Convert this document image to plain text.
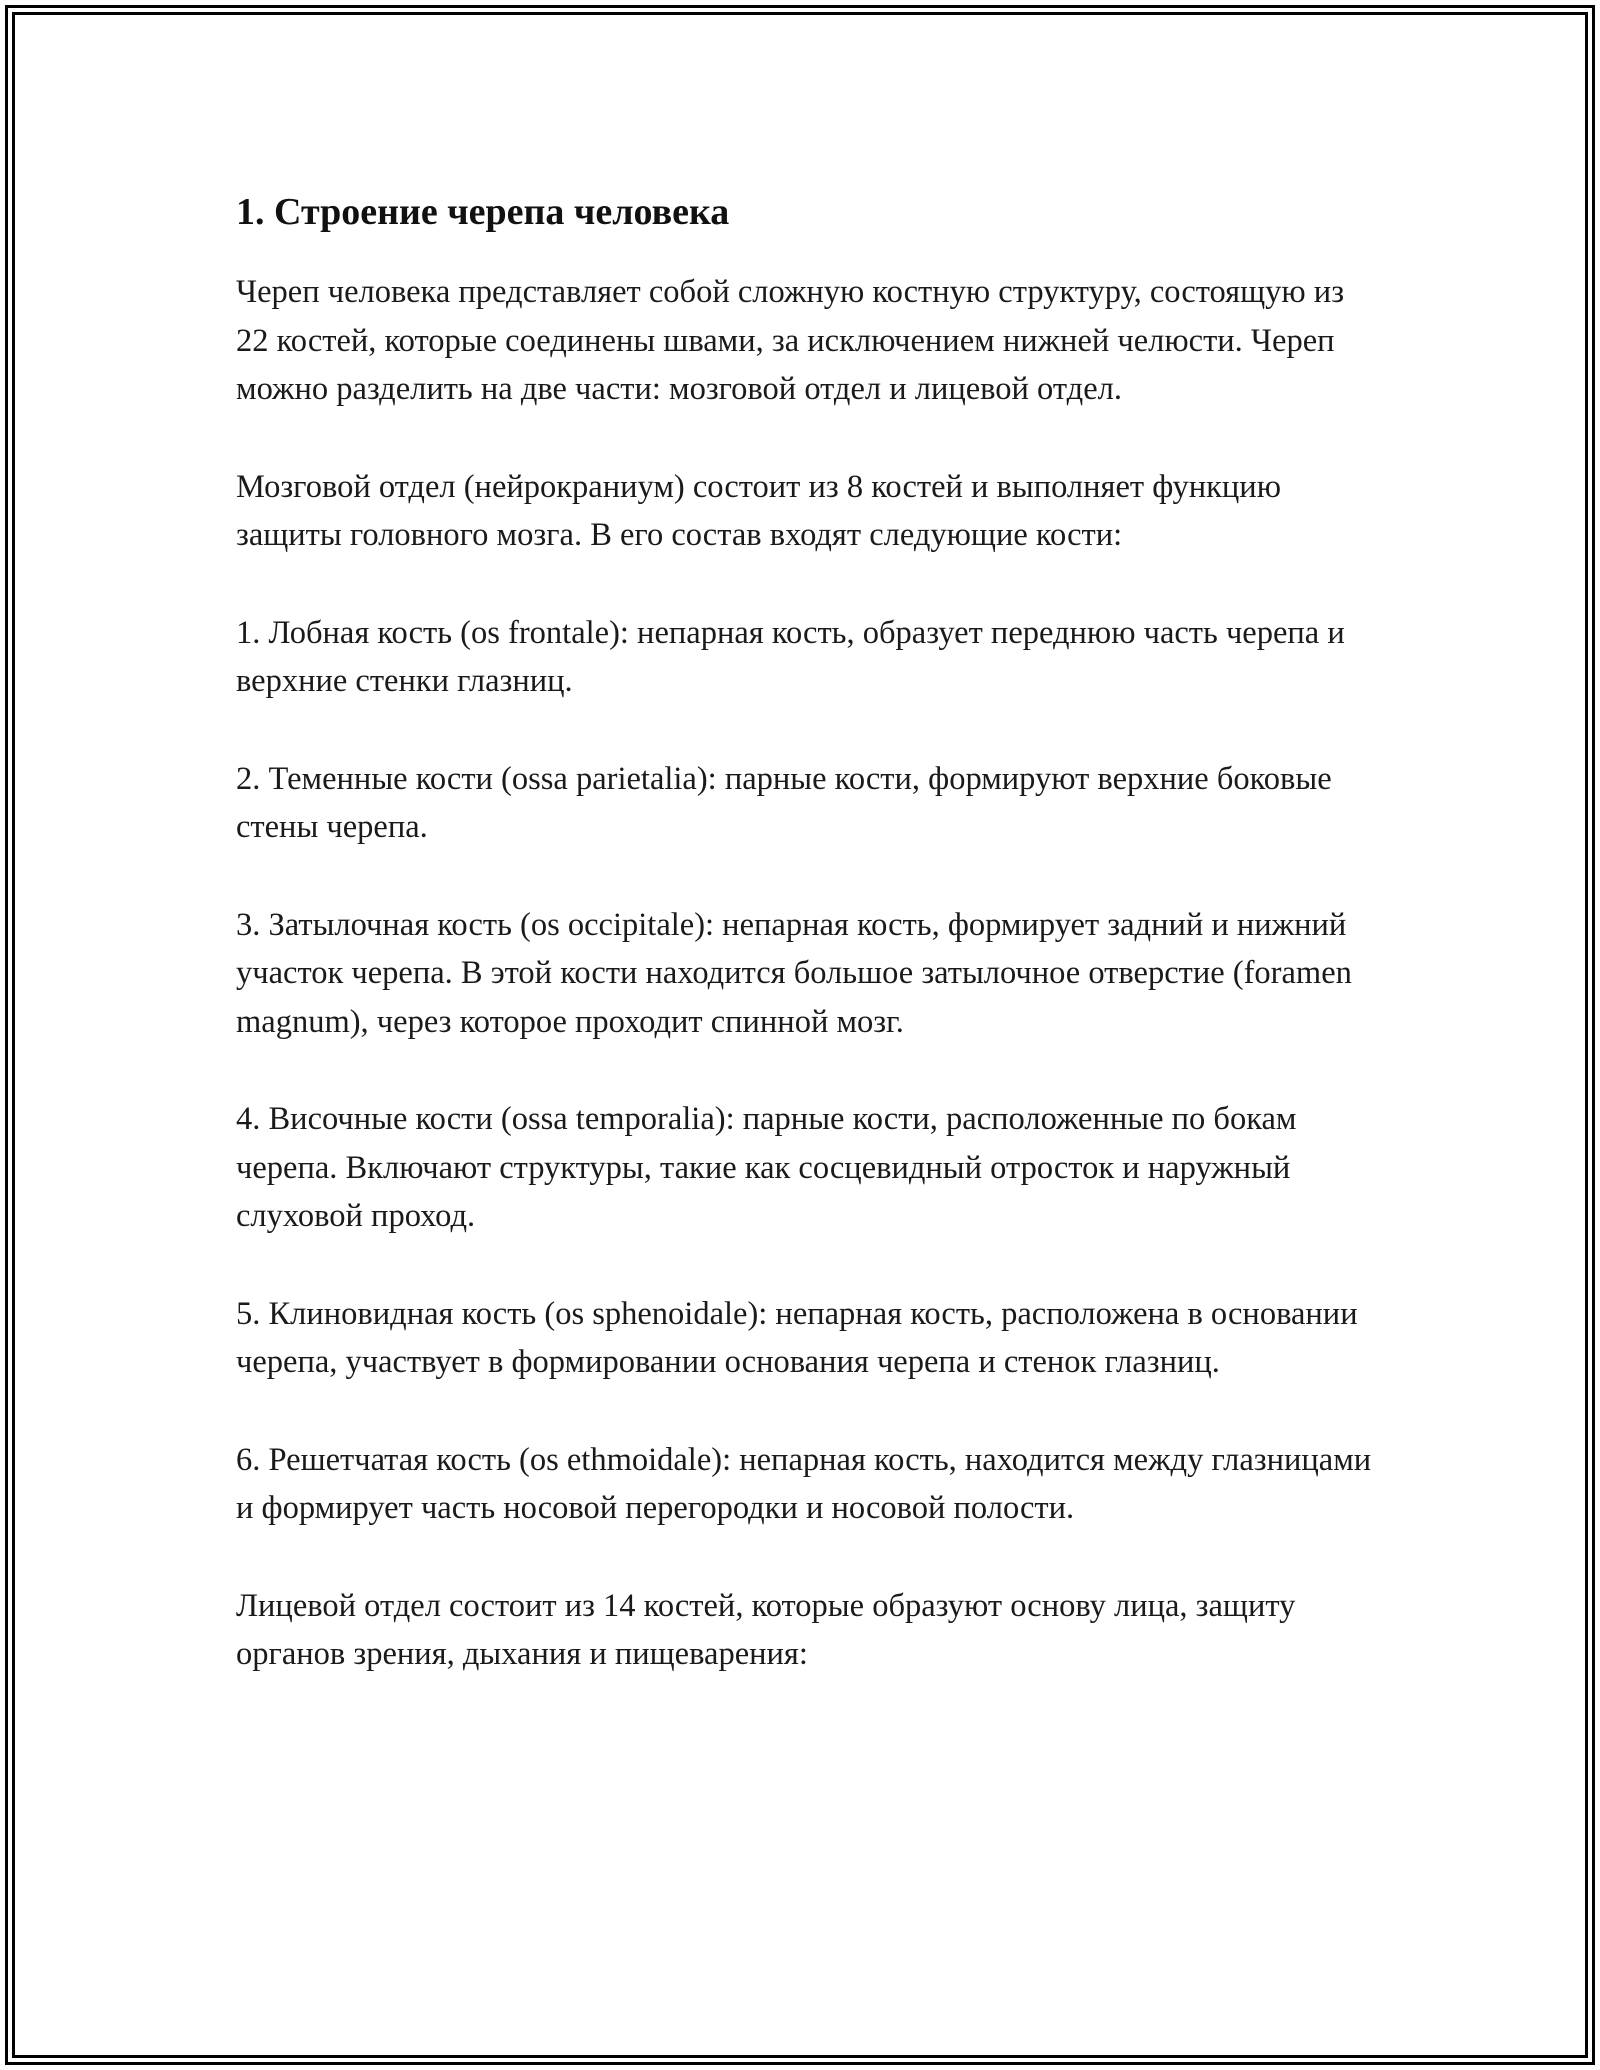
1. Строение черепа человека

Череп человека представляет собой сложную костную структуру, состоящую из 22 костей, которые соединены швами, за исключением нижней челюсти. Череп можно разделить на две части: мозговой отдел и лицевой отдел.

Мозговой отдел (нейрокраниум) состоит из 8 костей и выполняет функцию защиты головного мозга. В его состав входят следующие кости:

1. Лобная кость (os frontale): непарная кость, образует переднюю часть черепа и верхние стенки глазниц.

2. Теменные кости (ossa parietalia): парные кости, формируют верхние боковые стены черепа.

3. Затылочная кость (os occipitale): непарная кость, формирует задний и нижний участок черепа. В этой кости находится большое затылочное отверстие (foramen magnum), через которое проходит спинной мозг.

4. Височные кости (ossa temporalia): парные кости, расположенные по бокам черепа. Включают структуры, такие как сосцевидный отросток и наружный слуховой проход.

5. Клиновидная кость (os sphenoidale): непарная кость, расположена в основании черепа, участвует в формировании основания черепа и стенок глазниц.

6. Решетчатая кость (os ethmoidale): непарная кость, находится между глазницами и формирует часть носовой перегородки и носовой полости.

Лицевой отдел состоит из 14 костей, которые образуют основу лица, защиту органов зрения, дыхания и пищеварения:
